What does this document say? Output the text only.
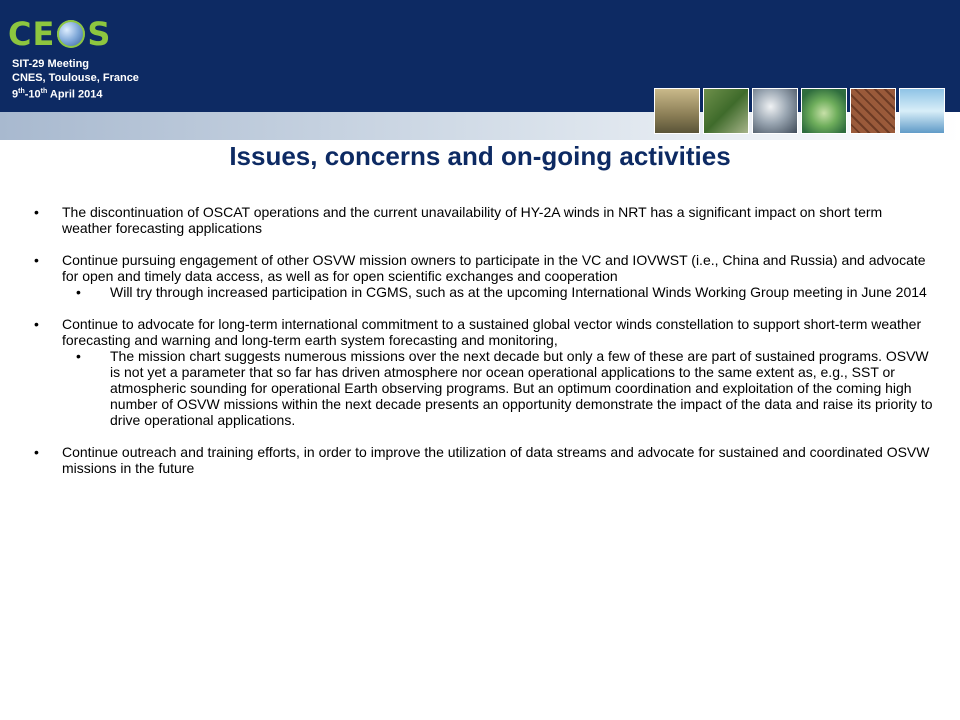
CE S
SIT-29 Meeting
CNES, Toulouse, France
9th-10th April 2014
Issues, concerns and on-going activities

• The discontinuation of OSCAT operations and the current unavailability of HY-2A winds in NRT has a significant impact on short term weather forecasting applications

• Continue pursuing engagement of other OSVW mission owners to participate in the VC and IOVWST (i.e., China and Russia) and advocate for open and timely data access, as well as for open scientific exchanges and cooperation

• Will try through increased participation in CGMS, such as at the upcoming International Winds Working Group meeting in June 2014

• Continue to advocate for long-term international commitment to a sustained global vector winds constellation to support short-term weather forecasting and warning and long-term earth system forecasting and monitoring,

• The mission chart suggests numerous missions over the next decade but only a few of these are part of sustained programs. OSVW is not yet a parameter that so far has driven atmosphere nor ocean operational applications to the same extent as, e.g., SST or atmospheric sounding for operational Earth observing programs. But an optimum coordination and exploitation of the coming high number of OSVW missions within the next decade presents an opportunity demonstrate the impact of the data and raise its priority to drive operational applications.

• Continue outreach and training efforts, in order to improve the utilization of data streams and advocate for sustained and coordinated OSVW missions in the future
